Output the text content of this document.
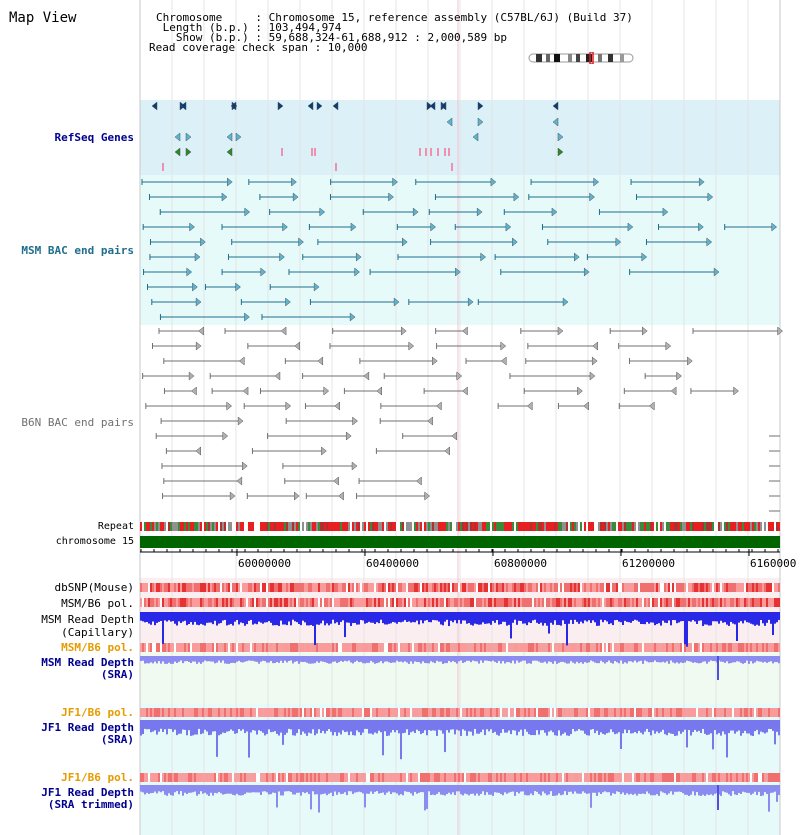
Map View	Chromosome     : Chromosome 15, reference assembly (C57BL/6J) (Build 37)
Length (b.p.) : 103,494,974
Show (b.p.) : 59,688,324-61,688,912 : 2,000,589 bp
Read coverage check span : 10,000
RefSeq Genes
MSM BAC end pairs
B6N BAC end pairs
Repeat
chromosome 15
60000000	60400000	60800000	61200000	6160000
dbSNP(Mouse)
MSM/B6 pol.
MSM Read Depth
(Capillary)
MSM/B6 pol.
MSM Read Depth
(SRA)
JF1/B6 pol.
JF1 Read Depth
(SRA)
JF1/B6 pol.
JF1 Read Depth
(SRA trimmed)
